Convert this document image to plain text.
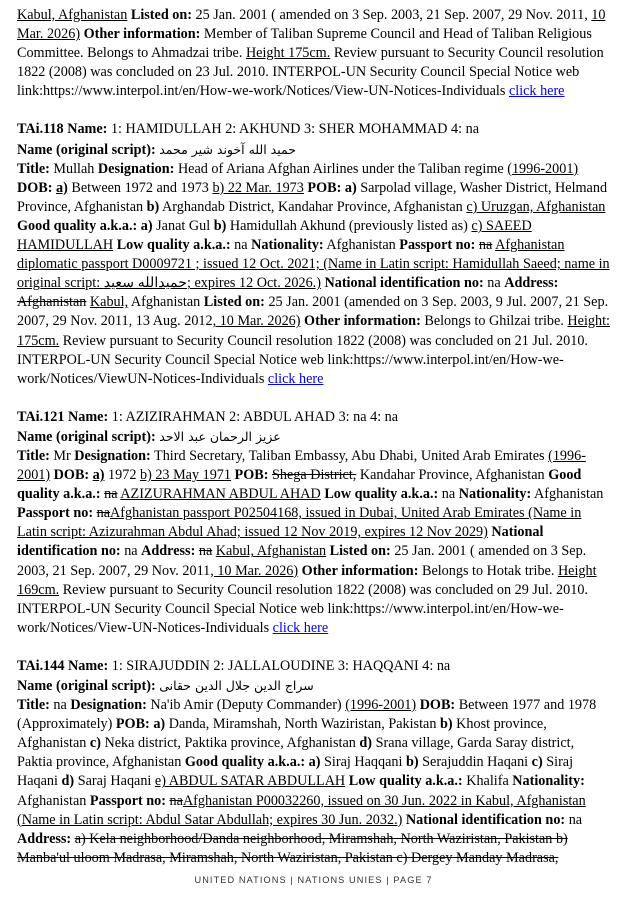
Kabul, Afghanistan Listed on: 25 Jan. 2001 ( amended on 3 Sep. 2003, 21 Sep. 2007, 29 Nov. 2011, 10 Mar. 2026) Other information: Member of Taliban Supreme Council and Head of Taliban Religious Committee. Belongs to Ahmadzai tribe. Height 175cm. Review pursuant to Security Council resolution 1822 (2008) was concluded on 23 Jul. 2010. INTERPOL-UN Security Council Special Notice web link:https://www.interpol.int/en/How-we-work/Notices/View-UN-Notices-Individuals click here

TAi.118 Name: 1: HAMIDULLAH 2: AKHUND 3: SHER MOHAMMAD 4: na

Name (original script): حمید الله آخوند شیر محمد

Title: Mullah Designation: Head of Ariana Afghan Airlines under the Taliban regime (1996-2001) DOB: a) Between 1972 and 1973 b) 22 Mar. 1973 POB: a) Sarpolad village, Washer District, Helmand Province, Afghanistan b) Arghandab District, Kandahar Province, Afghanistan c) Uruzgan, Afghanistan Good quality a.k.a.: a) Janat Gul b) Hamidullah Akhund (previously listed as) c) SAEED HAMIDULLAH Low quality a.k.a.: na Nationality: Afghanistan Passport no: na Afghanistan diplomatic passport D0009721 ; issued 12 Oct. 2021; (Name in Latin script: Hamidullah Saeed; name in original script: حمیدالله سعید; expires 12 Oct. 2026.) National identification no: na Address: Afghanistan Kabul, Afghanistan Listed on: 25 Jan. 2001 (amended on 3 Sep. 2003, 9 Jul. 2007, 21 Sep. 2007, 29 Nov. 2011, 13 Aug. 2012, 10 Mar. 2026) Other information: Belongs to Ghilzai tribe. Height: 175cm. Review pursuant to Security Council resolution 1822 (2008) was concluded on 21 Jul. 2010. INTERPOL-UN Security Council Special Notice web link:https://www.interpol.int/en/How-we-work/Notices/ViewUN-Notices-Individuals click here

TAi.121 Name: 1: AZIZIRAHMAN 2: ABDUL AHAD 3: na 4: na

Name (original script): عزیز الرحمان عبد الاحد

Title: Mr Designation: Third Secretary, Taliban Embassy, Abu Dhabi, United Arab Emirates (1996-2001) DOB: a) 1972 b) 23 May 1971 POB: Shega District, Kandahar Province, Afghanistan Good quality a.k.a.: na AZIZURAHMAN ABDUL AHAD Low quality a.k.a.: na Nationality: Afghanistan Passport no: naAfghanistan passport P02504168, issued in Dubai, United Arab Emirates (Name in Latin script: Azizurahman Abdul Ahad; issued 12 Nov 2019, expires 12 Nov 2029) National identification no: na Address: na Kabul, Afghanistan Listed on: 25 Jan. 2001 ( amended on 3 Sep. 2003, 21 Sep. 2007, 29 Nov. 2011, 10 Mar. 2026) Other information: Belongs to Hotak tribe. Height 169cm. Review pursuant to Security Council resolution 1822 (2008) was concluded on 29 Jul. 2010. INTERPOL-UN Security Council Special Notice web link:https://www.interpol.int/en/How-we-work/Notices/View-UN-Notices-Individuals click here

TAi.144 Name: 1: SIRAJUDDIN 2: JALLALOUDINE 3: HAQQANI 4: na

Name (original script): سراج الدين جلال الدين حقانى

Title: na Designation: Na'ib Amir (Deputy Commander) (1996-2001) DOB: Between 1977 and 1978 (Approximately) POB: a) Danda, Miramshah, North Waziristan, Pakistan b) Khost province, Afghanistan c) Neka district, Paktika province, Afghanistan d) Srana village, Garda Saray district, Paktia province, Afghanistan Good quality a.k.a.: a) Siraj Haqqani b) Serajuddin Haqani c) Siraj Haqani d) Saraj Haqani e) ABDUL SATAR ABDULLAH Low quality a.k.a.: Khalifa Nationality: Afghanistan Passport no: naAfghanistan P00032260, issued on 30 Jun. 2022 in Kabul, Afghanistan (Name in Latin script: Abdul Satar Abdullah; expires 30 Jun. 2032.) National identification no: na Address: a) Kela neighborhood/Danda neighborhood, Miramshah, North Waziristan, Pakistan b) Manba'ul uloom Madrasa, Miramshah, North Waziristan, Pakistan c) Dergey Manday Madrasa,

UNITED NATIONS | NATIONS UNIES | PAGE 7
